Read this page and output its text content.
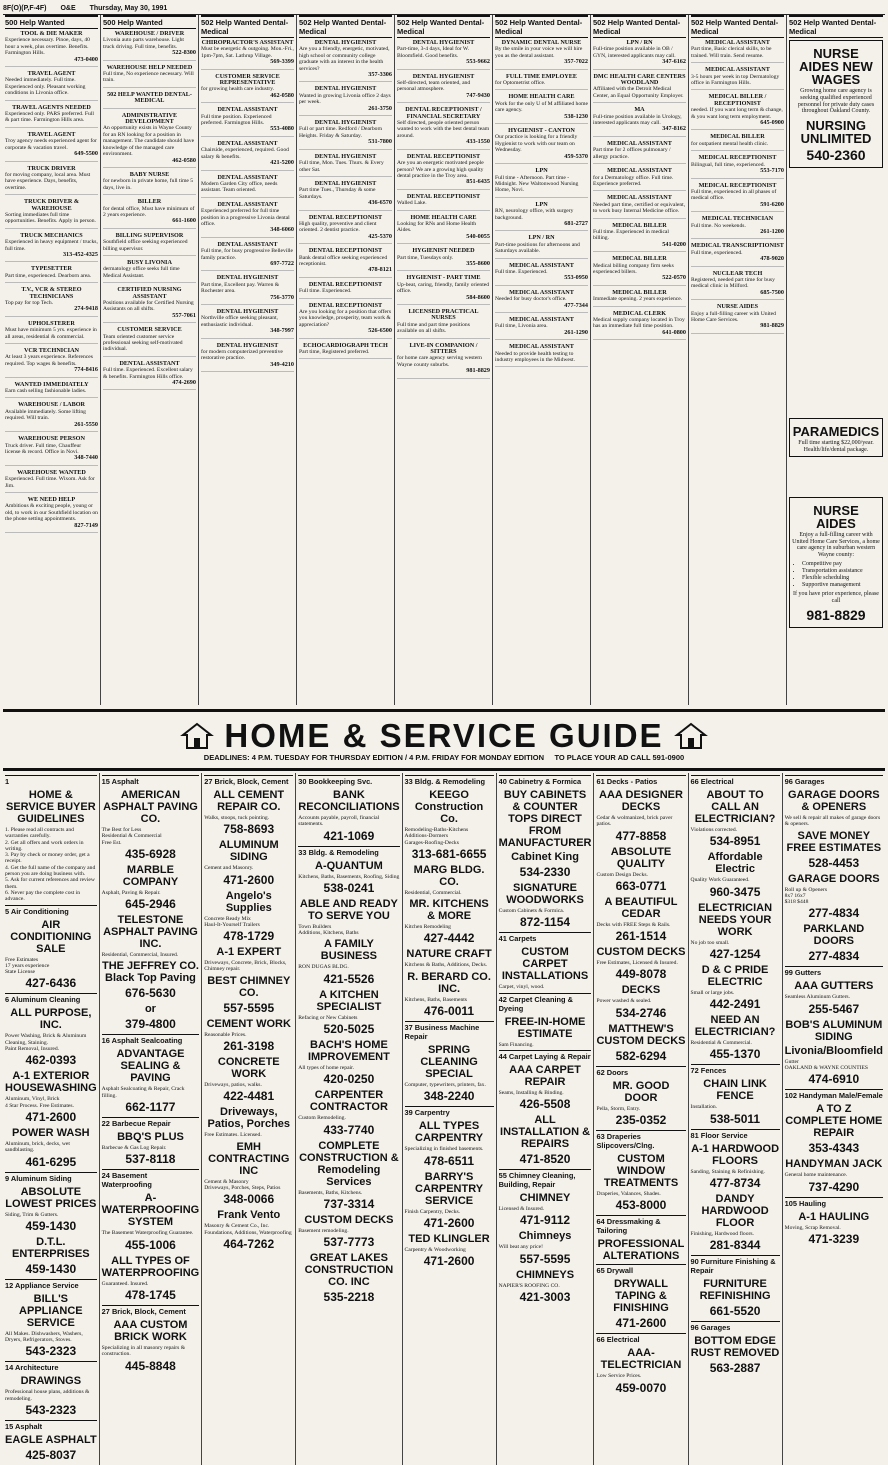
8F(O)(P,F-4F) O&E Thursday, May 30, 1991
500 Help Wanted
TOOL & DIE MAKER
Experience necessary. Pinoe, days, 40 hour a week, plus overtime. Benefits. Farmington Hills.
473-0400
TRAVEL AGENT
Needed immediately. Full time. Experienced only. Pleasant working conditions in Livonia office.
TRAVEL AGENTS NEEDED
Experienced only. PARS preferred. Full & part time. Farmington Hills area.
TRAVEL AGENT
Troy agency needs experienced agent for corporate & vacation travel.
649-5500
TRUCK DRIVER
for moving company, local area. Must have experience. Days, benefits, overtime.
TRUCK DRIVER & WAREHOUSE
Sorting immediates full time opportunities. Benefits. Apply in person.
TRUCK MECHANICS
Experienced in heavy equipment / trucks, full time.
313-452-4325
TYPESETTER
Part time, experienced. Dearborn area.
T.V., VCR & STEREO TECHNICIANS
Top pay for top Tech.
274-9418
UPHOLSTERER
Must have minimum 5 yrs. experience in all areas, residential & commercial.
VCR TECHNICIAN
At least 3 years experience. References required. Top wages & benefits.
774-8416
WANTED IMMEDIATELY
Earn cash selling fashionable ladies.
WAREHOUSE / LABOR
Available immediately. Some lifting required. Will train.
261-5550
WAREHOUSE PERSON
Truck driver. Full time, Chauffeur license & record. Office in Novi.
348-7440
WAREHOUSE WANTED
Experienced. Full time. Wixom. Ask for Jim.
WE NEED HELP
Ambitious & exciting people, young or old, to work in our Southfield location on the phone setting appointments.
827-7149
500 Help Wanted
WAREHOUSE / DRIVER
Livonia auto parts warehouse. Light truck driving. Full time, benefits.
522-8300
WAREHOUSE HELP NEEDED
Full time, No experience necessary. Will train.
502 HELP WANTED DENTAL-MEDICAL
ADMINISTRATIVE DEVELOPMENT
An opportunity exists in Wayne County for an RN looking for a position in management. The candidate should have knowledge of the managed care environment.
462-0580
BABY NURSE
for newborn in private home, full time 5 days, live in.
BILLER
for dental office, Must have minimum of 2 years experience.
661-1600
BILLING SUPERVISOR
Southfield office seeking experienced billing supervisor.
BUSY LIVONIA
dermatology office seeks full time Medical Assistant.
CERTIFIED NURSING ASSISTANT
Positions available for Certified Nursing Assistants on all shifts.
557-7061
CUSTOMER SERVICE
Team oriented customer service professional seeking self-motivated individual.
DENTAL ASSISTANT
Full time. Experienced. Excellent salary & benefits. Farmington Hills office.
474-2690
502 Help Wanted Dental-Medical
CHIROPRACTOR'S ASSISTANT
Must be energetic & outgoing. Mon.-Fri., 1pm-7pm, Sat. Lathrup Village.
569-3399
CUSTOMER SERVICE REPRESENTATIVE
for growing health care industry.
462-0580
DENTAL ASSISTANT
Full time position. Experienced preferred. Farmington Hills.
553-4080
DENTAL ASSISTANT
Chairside, experienced, required. Good salary & benefits.
421-5200
DENTAL ASSISTANT
Modern Garden City office, needs assistant. Team oriented.
DENTAL ASSISTANT
Experienced preferred for full time position in a progressive Livonia dental office.
348-6060
DENTAL ASSISTANT
Full time, for busy progressive Belleville family practice.
697-7722
DENTAL HYGIENIST
Part time, Excellent pay. Warren & Rochester area.
756-3770
DENTAL HYGIENIST
Northville office seeking pleasant, enthusiastic individual.
348-7997
DENTAL HYGIENIST
for modern computerized preventive restorative practice.
349-4210
502 Help Wanted Dental-Medical
DENTAL HYGIENIST
Are you a friendly, energetic, motivated, high school or community college graduate with an interest in the health services?
357-3306
DENTAL HYGIENIST
Wanted in growing Livonia office 2 days per week.
261-3750
DENTAL HYGIENIST
Full or part time. Redford / Dearborn Heights. Friday & Saturday.
531-7800
DENTAL HYGIENIST
Full time, Mon. Tues. Thurs. & Every other Sat.
DENTAL HYGIENIST
Part time Tues., Thursday & some Saturdays.
436-6570
DENTAL RECEPTIONIST
High quality, preventive and client oriented. 2 dentist practice.
425-5370
DENTAL RECEPTIONIST
Bank dental office seeking experienced receptionist.
478-8121
DENTAL RECEPTIONIST
Full time. Experienced.
DENTAL RECEPTIONIST
Are you looking for a position that offers you knowledge, prosperity, team work & appreciation?
526-6500
ECHOCARDIOGRAPH TECH
Part time, Registered preferred.
502 Help Wanted Dental-Medical
DENTAL HYGIENIST
Part-time, 3-4 days, Ideal for W. Bloomfield. Good benefits.
553-9662
DENTAL HYGIENIST
Self-directed, team oriented, and personal atmosphere.
747-9430
DENTAL RECEPTIONIST / FINANCIAL SECRETARY
Self directed, people oriented person wanted to work with the best dental team around.
433-1550
DENTAL RECEPTIONIST
Are you an energetic motivated people person? We are a growing high quality dental practice in the Troy area.
851-6435
DENTAL RECEPTIONIST
Walled Lake.
HOME HEALTH CARE
Looking for RNs and Home Health Aides.
540-0055
HYGIENIST NEEDED
Part time, Tuesdays only.
355-8600
HYGIENIST - PART TIME
Up-beat, caring, friendly, family oriented office.
584-8600
LICENSED PRACTICAL NURSES
Full time and part time positions available on all shifts.
LIVE-IN COMPANION / SITTERS
for home care agency serving western Wayne county suburbs.
981-8829
502 Help Wanted Dental-Medical
DYNAMIC DENTAL NURSE
By the smile in your voice we will hire you as the dental assistant.
357-7022
FULL TIME EMPLOYEE
for Optometrist office.
HOME HEALTH CARE
Work for the only U of M affiliated home care agency.
538-1230
HYGIENIST - CANTON
Our practice is looking for a friendly Hygienist to work with our team on Wednesday.
459-5370
LPN
Full time - Afternoon. Part time - Midnight. New Waltonwood Nursing Home, Novi.
LPN
RN, neurology office, with surgery background.
681-2727
LPN / RN
Part-time positions for afternoons and Saturdays available.
MEDICAL ASSISTANT
Full time. Experienced.
553-0950
MEDICAL ASSISTANT
Needed for busy doctor's office.
477-7344
MEDICAL ASSISTANT
Full time, Livonia area.
261-1290
MEDICAL ASSISTANT
Needed to provide health testing to industry employees in the Midwest.
502 Help Wanted Dental-Medical
LPN / RN
Full-time position available in OB / GYN, interested applicants may call.
347-6162
DMC HEALTH CARE CENTERS WOODLAND
Affiliated with the Detroit Medical Center, an Equal Opportunity Employer.
MA
Full-time position available in Urology, interested applicants may call.
347-8162
MEDICAL ASSISTANT
Part time for 2 offices pulmonary / allergy practice.
MEDICAL ASSISTANT
for a Dermatology office. Full time. Experience preferred.
MEDICAL ASSISTANT
Needed part time, certified or equivalent, to work busy Internal Medicine office.
MEDICAL BILLER
Full time. Experienced in medical billing.
541-0200
MEDICAL BILLER
Medical billing company firm seeks experienced billers.
522-0570
MEDICAL BILLER
Immediate opening. 2 years experience.
MEDICAL CLERK
Medical supply company located in Troy has an immediate full time position.
641-0800
502 Help Wanted Dental-Medical
MEDICAL ASSISTANT
Part time, Basic clerical skills, to be trained. Will train. Send resume.
MEDICAL ASSISTANT
3-5 hours per week in top Dermatology office in Farmington Hills.
MEDICAL BILLER / RECEPTIONIST
needed. If you want long term & change, & you want long term employment.
645-0900
MEDICAL BILLER
for outpatient mental health clinic.
MEDICAL RECEPTIONIST
Bilingual, full time, experienced.
553-7170
MEDICAL RECEPTIONIST
Full time, experienced in all phases of medical office.
591-6200
MEDICAL TECHNICIAN
Full time. No weekends.
261-1200
MEDICAL TRANSCRIPTIONIST
Full time, experienced.
478-9020
NUCLEAR TECH
Registered, needed part time for busy medical clinic in Milford.
685-7500
NURSE AIDES
Enjoy a full-filling career with United Home Care Services.
981-8829
502 Help Wanted Dental-Medical
NURSE AIDES NEW WAGES
Growing home care agency is seeking qualified experienced personnel for private duty cases throughout Oakland County.
NURSING UNLIMITED
540-2360
PARAMEDICS
Full time starting $22,000/year. Health/life/dental package.
NURSE AIDES
Enjoy a full-filling career with United Home Care Services, a home care agency in suburban western Wayne county:
• Competitive pay
• Transportation assistance
• Flexible scheduling
• Supportive management
If you have prior experience, please call
981-8829
HOME & SERVICE GUIDE
DEADLINES: 4 P.M. TUESDAY FOR THURSDAY EDITION / 4 P.M. FRIDAY FOR MONDAY EDITION TO PLACE YOUR AD CALL 591-0900
1
HOME & SERVICE BUYER GUIDELINES
1. Please read all contracts and warranties carefully.
2. Get all offers and work orders in writing.
3. Pay by check or money order, get a receipt.
4. Get the full name of the company and person you are doing business with.
5. Ask for current references and review them.
6. Never pay the complete cost in advance.
5 Air Conditioning
AIR CONDITIONING SALE
Free Estimates
17 years experience
State License
427-6436
6 Aluminum Cleaning
ALL PURPOSE, INC.
Power Washing, Brick & Aluminum Cleaning, Staining.
Paint Removal, Insured.
462-0393
A-1 EXTERIOR HOUSEWASHING
Aluminum, Vinyl, Brick
4 Star Process. Free Estimates.
471-2600
POWER WASH
Aluminum, brick, decks, wet sandblasting.
461-6295
9 Aluminum Siding
ABSOLUTE LOWEST PRICES
Siding, Trim & Gutters.
459-1430
D.T.L. ENTERPRISES
459-1430
12 Appliance Service
BILL'S APPLIANCE SERVICE
All Makes. Dishwashers, Washers, Dryers, Refrigerators, Stoves.
543-2323
14 Architecture
DRAWINGS
Professional house plans, additions & remodeling.
543-2323
15 Asphalt
EAGLE ASPHALT
425-8037
15 Asphalt
AMERICAN ASPHALT PAVING CO.
The Best for Less
Residential & Commercial
Free Est.
435-6928
MARBLE COMPANY
Asphalt, Paving & Repair.
645-2946
TELESTONE ASPHALT PAVING INC.
Residential, Commercial, Insured.
THE JEFFREY CO. Black Top Paving
676-5630
or
379-4800
16 Asphalt Sealcoating
ADVANTAGE SEALING & PAVING
Asphalt Sealcoating & Repair, Crack filling.
662-1177
22 Barbecue Repair
BBQ'S PLUS
Barbecue & Gas Log Repair.
537-8118
24 Basement Waterproofing
A-WATERPROOFING SYSTEM
The Basement Waterproofing Guarantee.
455-1006
ALL TYPES OF WATERPROOFING
Guaranteed. Insured.
478-1745
27 Brick, Block, Cement
AAA CUSTOM BRICK WORK
Specializing in all masonry repairs & construction.
445-8848
27 Brick, Block, Cement
ALL CEMENT REPAIR CO.
Walks, stoops, tuck pointing.
758-8693
ALUMINUM SIDING
Cement and Masonry.
471-2600
Angelo's Supplies
Concrete Ready Mix
Haul-It-Yourself Trailers
478-1729
A-1 EXPERT
Driveways, Concrete, Brick, Blocks, Chimney repair.
BEST CHIMNEY CO.
557-5595
CEMENT WORK
Reasonable Prices.
261-3198
CONCRETE WORK
Driveways, patios, walks.
422-4481
Driveways, Patios, Porches
Free Estimates. Licensed.
EMH CONTRACTING INC
Cement & Masonry
Driveways, Porches, Steps, Patios
348-0066
Frank Vento
Masonry & Cement Co., Inc.
Foundations, Additions, Waterproofing
464-7262
30 Bookkeeping Svc.
BANK RECONCILIATIONS
Accounts payable, payroll, financial statements.
421-1069
33 Bldg. & Remodeling
A-QUANTUM
Kitchens, Baths, Basements, Roofing, Siding
538-0241
ABLE AND READY TO SERVE YOU
Town Builders
Additions, Kitchens, Baths
A FAMILY BUSINESS
RON DUGAS BLDG.
421-5526
A KITCHEN SPECIALIST
Refacing or New Cabinets
520-5025
BACH'S HOME IMPROVEMENT
All types of home repair.
420-0250
CARPENTER CONTRACTOR
Custom Remodeling.
433-7740
COMPLETE CONSTRUCTION & Remodeling Services
Basements, Baths, Kitchens.
737-3314
CUSTOM DECKS
Basement remodeling.
537-7773
GREAT LAKES CONSTRUCTION CO. INC
535-2218
33 Bldg. & Remodeling
KEEGO Construction Co.
Remodeling-Baths-Kitchens
Additions-Dormers
Garages-Roofing-Decks
313-681-6655
MARG BLDG. CO.
Residential, Commercial.
MR. KITCHENS & MORE
Kitchen Remodeling
427-4442
NATURE CRAFT
Kitchens & Baths, Additions, Decks.
R. BERARD CO. INC.
Kitchens, Baths, Basements
476-0011
37 Business Machine Repair
SPRING CLEANING SPECIAL
Computer, typewriters, printers, fax.
348-2240
39 Carpentry
ALL TYPES CARPENTRY
Specializing in finished basements.
478-6511
BARRY'S CARPENTRY SERVICE
Finish Carpentry, Decks.
471-2600
TED KLINGLER
Carpentry & Woodworking
471-2600
40 Cabinetry & Formica
BUY CABINETS & COUNTER TOPS DIRECT FROM MANUFACTURER
Cabinet King
534-2330
SIGNATURE WOODWORKS
Custom Cabinets & Formica.
872-1154
41 Carpets
CUSTOM CARPET INSTALLATIONS
Carpet, vinyl, wood.
42 Carpet Cleaning & Dyeing
FREE-IN-HOME ESTIMATE
Sam Financing.
44 Carpet Laying & Repair
AAA CARPET REPAIR
Seams, Installing & Binding.
426-5508
ALL INSTALLATION & REPAIRS
471-8520
55 Chimney Cleaning, Building, Repair
CHIMNEY
Licensed & Insured.
471-9112
Chimneys
Will beat any price!
557-5595
CHIMNEYS
NAPIER'S ROOFING CO.
421-3003
61 Decks - Patios
AAA DESIGNER DECKS
Cedar & wolmanized, brick paver patios.
477-8858
ABSOLUTE QUALITY
Custom Design Decks.
663-0771
A BEAUTIFUL CEDAR
Decks with FREE Steps & Rails.
261-1514
CUSTOM DECKS
Free Estimates, Licensed & Insured.
449-8078
DECKS
Power washed & sealed.
534-2746
MATTHEW'S CUSTOM DECKS
582-6294
62 Doors
MR. GOOD DOOR
Pella, Storm, Entry.
235-0352
63 Draperies Slipcovers/Clng.
CUSTOM WINDOW TREATMENTS
Draperies, Valances, Shades.
453-8000
64 Dressmaking & Tailoring
PROFESSIONAL ALTERATIONS
65 Drywall
DRYWALL TAPING & FINISHING
471-2600
66 Electrical
AAA-TELECTRICIAN
Low Service Prices.
459-0070
66 Electrical
ABOUT TO CALL AN ELECTRICIAN?
Violations corrected.
534-8951
Affordable Electric
Quality Work Guaranteed.
960-3475
ELECTRICIAN NEEDS YOUR WORK
No job too small.
427-1254
D & C PRIDE ELECTRIC
Small or large jobs.
442-2491
NEED AN ELECTRICIAN?
Residential & Commercial.
455-1370
72 Fences
CHAIN LINK FENCE
Installation.
538-5011
81 Floor Service
A-1 HARDWOOD FLOORS
Sanding, Staining & Refinishing.
477-8734
DANDY HARDWOOD FLOOR
Finishing, Hardwood floors.
281-8344
90 Furniture Finishing & Repair
FURNITURE REFINISHING
661-5520
96 Garages
BOTTOM EDGE RUST REMOVED
563-2887
96 Garages
GARAGE DOORS & OPENERS
We sell & repair all makes of garage doors & openers.
SAVE MONEY FREE ESTIMATES
528-4453
GARAGE DOORS
Roll up & Openers
8x7 16x7
$318 $448
277-4834
PARKLAND DOORS
277-4834
99 Gutters
AAA GUTTERS
Seamless Aluminum Gutters.
255-5467
BOB'S ALUMINUM SIDING
Livonia/Bloomfield
Gutter
OAKLAND & WAYNE COUNTIES
474-6910
102 Handyman Male/Female
A TO Z COMPLETE HOME REPAIR
353-4343
HANDYMAN JACK
General home maintenance.
737-4290
105 Hauling
A-1 HAULING
Moving, Scrap Removal.
471-3239
